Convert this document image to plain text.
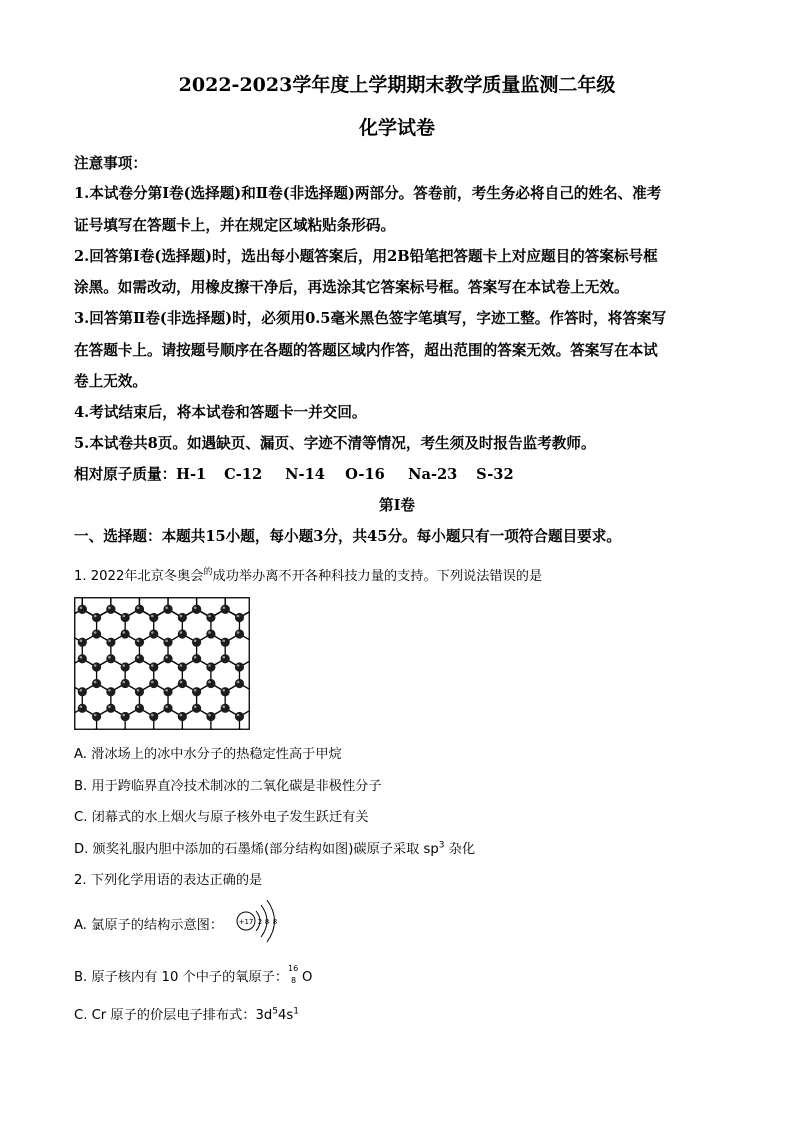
2022-2023学年度上学期期末教学质量监测二年级
化学试卷
注意事项：
1.本试卷分第Ⅰ卷(选择题)和Ⅱ卷(非选择题)两部分。答卷前，考生务必将自己的姓名、准考
证号填写在答题卡上，并在规定区域粘贴条形码。
2.回答第Ⅰ卷(选择题)时，选出每小题答案后，用2B铅笔把答题卡上对应题目的答案标号框
涂黑。如需改动，用橡皮擦干净后，再选涂其它答案标号框。答案写在本试卷上无效。
3.回答第Ⅱ卷(非选择题)时，必须用0.5毫米黑色签字笔填写，字迹工整。作答时，将答案写
在答题卡上。请按题号顺序在各题的答题区域内作答，超出范围的答案无效。答案写在本试
卷上无效。
4.考试结束后，将本试卷和答题卡一并交回。
5.本试卷共8页。如遇缺页、漏页、字迹不清等情况，考生须及时报告监考教师。
相对原子质量：H-1 C-12 N-14 O-16 Na-23 S-32
第Ⅰ卷
一、选择题：本题共15小题，每小题3分，共45分。每小题只有一项符合题目要求。
1. 2022年北京冬奥会$^的$成功举办离不开各种科技力量的支持。下列说法错误的是
A. 滑冰场上的冰中水分子的热稳定性高于甲烷
B. 用于跨临界直冷技术制冰的二氧化碳是非极性分子
C. 闭幕式的水上烟火与原子核外电子发生跃迁有关
D. 颁奖礼服内胆中添加的石墨烯(部分结构如图)碳原子采取 $sp^3$ 杂化
2. 下列化学用语的表达正确的是
A. 氯原子的结构示意图： +17 2 8 8
B. 原子核内有 10 个中子的氧原子：
16
8 O
C. Cr 原子的价层电子排布式：$3d^54s^1$
